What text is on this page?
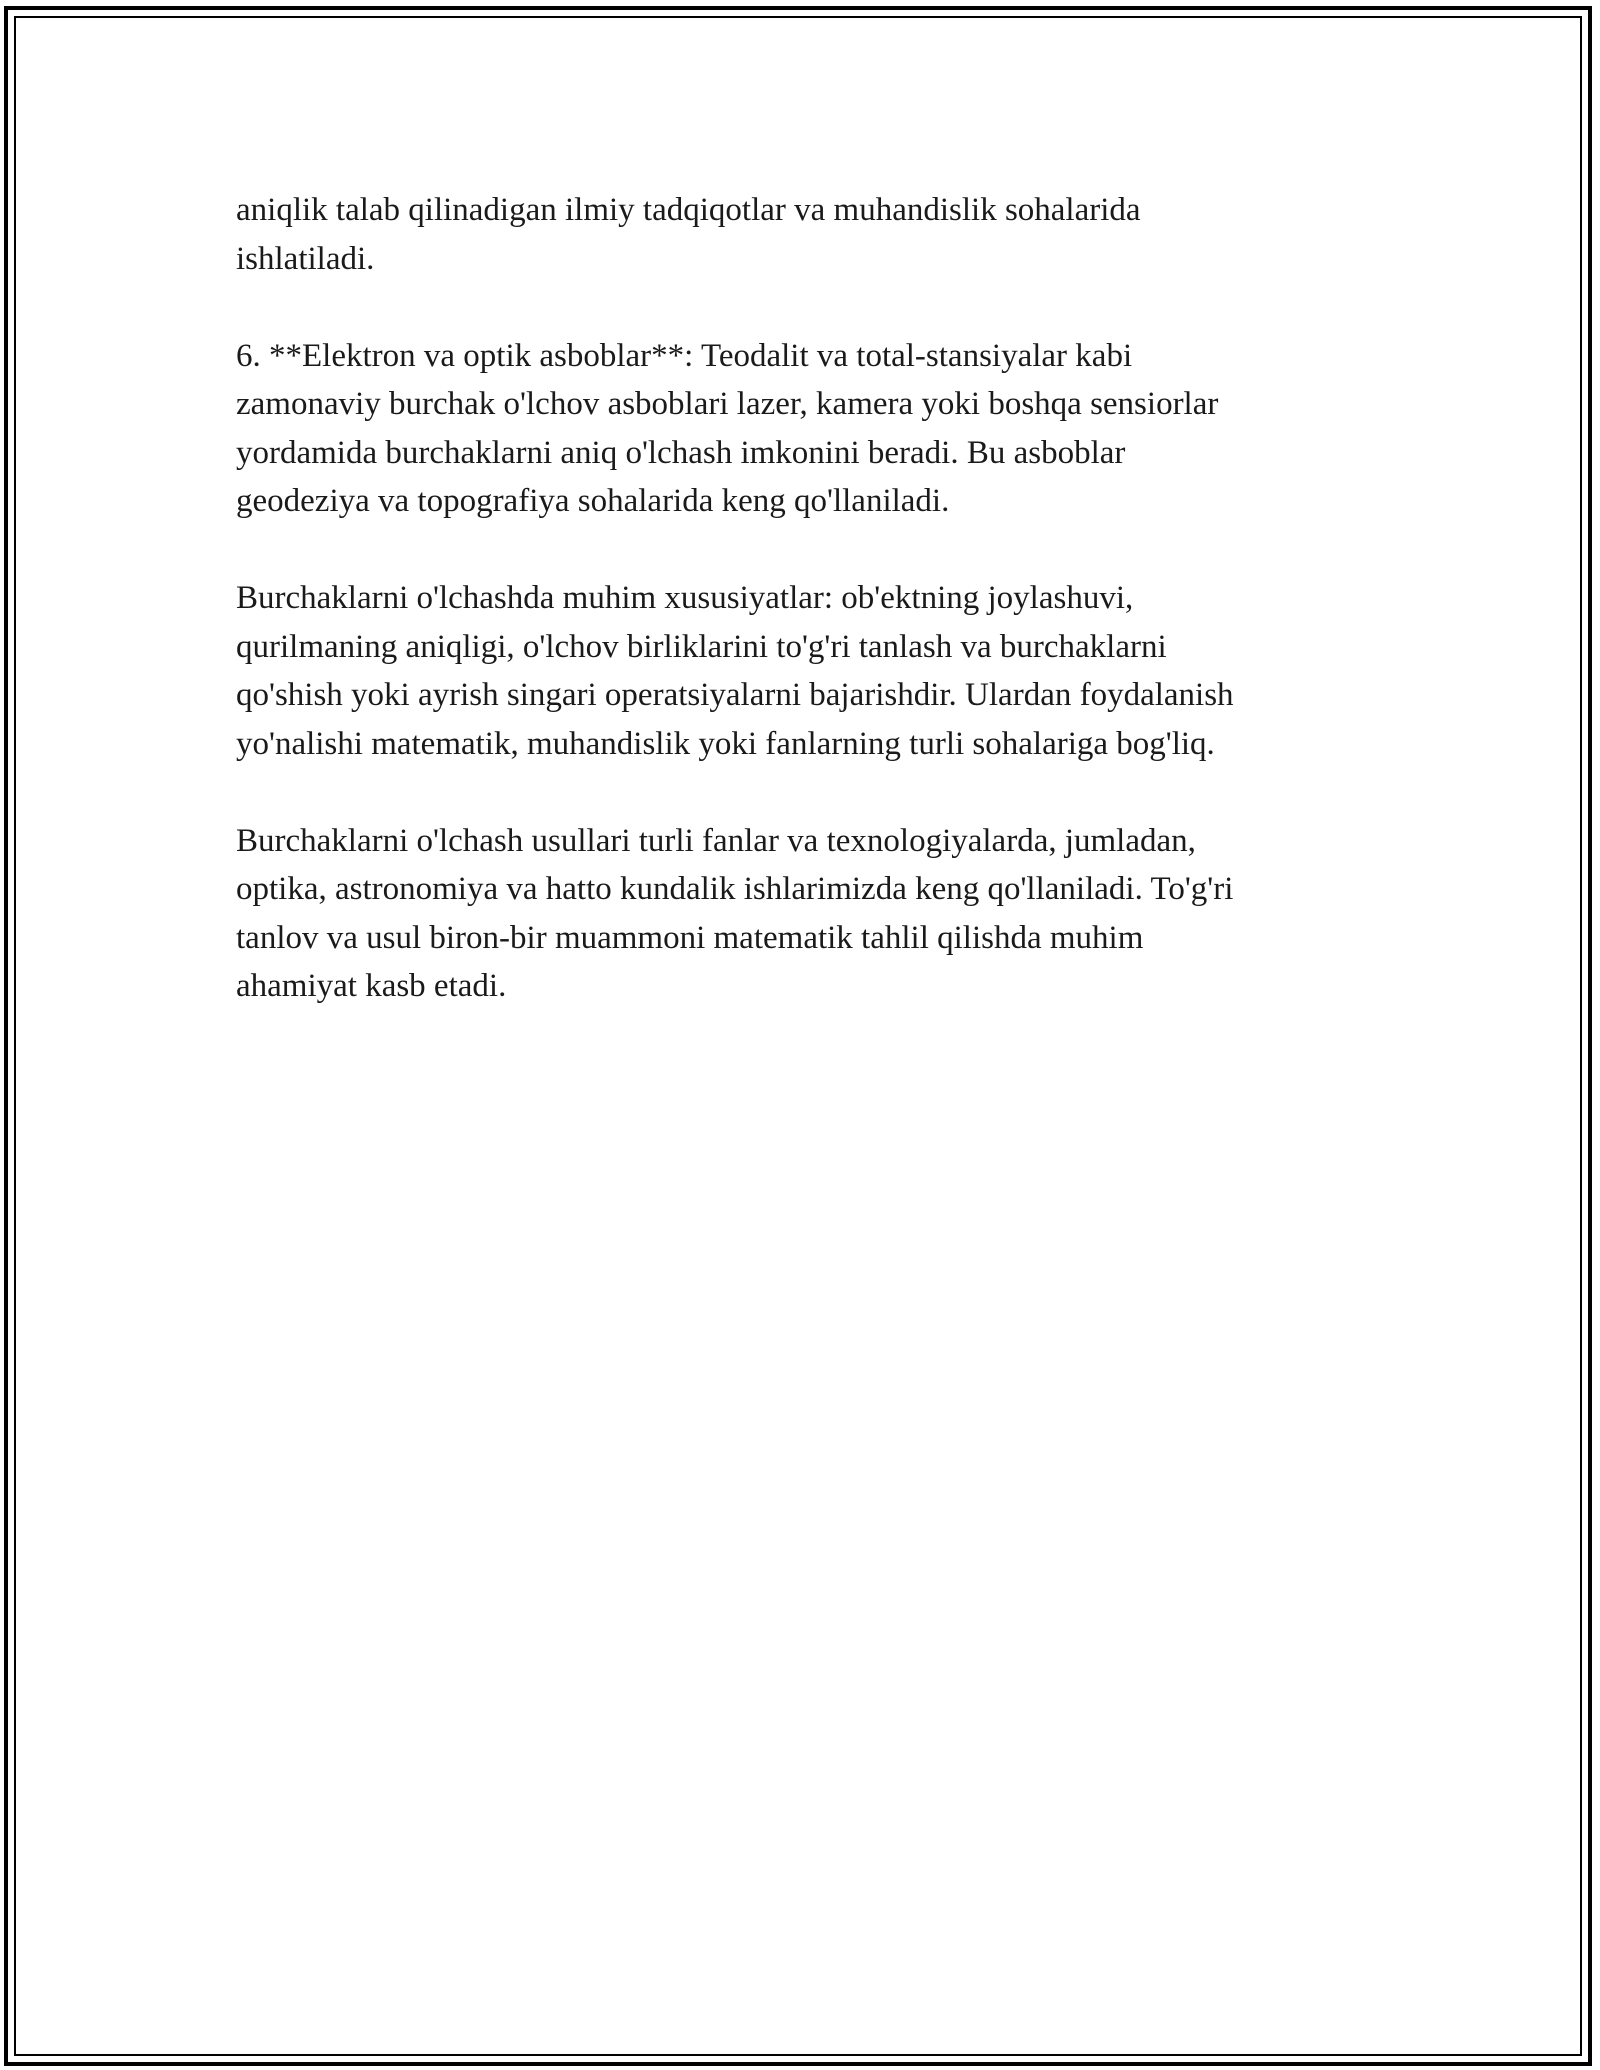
aniqlik talab qilinadigan ilmiy tadqiqotlar va muhandislik sohalarida
ishlatiladi.

6. **Elektron va optik asboblar**: Teodalit va total-stansiyalar kabi
zamonaviy burchak o'lchov asboblari lazer, kamera yoki boshqa sensiorlar
yordamida burchaklarni aniq o'lchash imkonini beradi. Bu asboblar
geodeziya va topografiya sohalarida keng qo'llaniladi.

Burchaklarni o'lchashda muhim xususiyatlar: ob'ektning joylashuvi,
qurilmaning aniqligi, o'lchov birliklarini to'g'ri tanlash va burchaklarni
qo'shish yoki ayrish singari operatsiyalarni bajarishdir. Ulardan foydalanish
yo'nalishi matematik, muhandislik yoki fanlarning turli sohalariga bog'liq.

Burchaklarni o'lchash usullari turli fanlar va texnologiyalarda, jumladan,
optika, astronomiya va hatto kundalik ishlarimizda keng qo'llaniladi. To'g'ri
tanlov va usul biron-bir muammoni matematik tahlil qilishda muhim
ahamiyat kasb etadi.
